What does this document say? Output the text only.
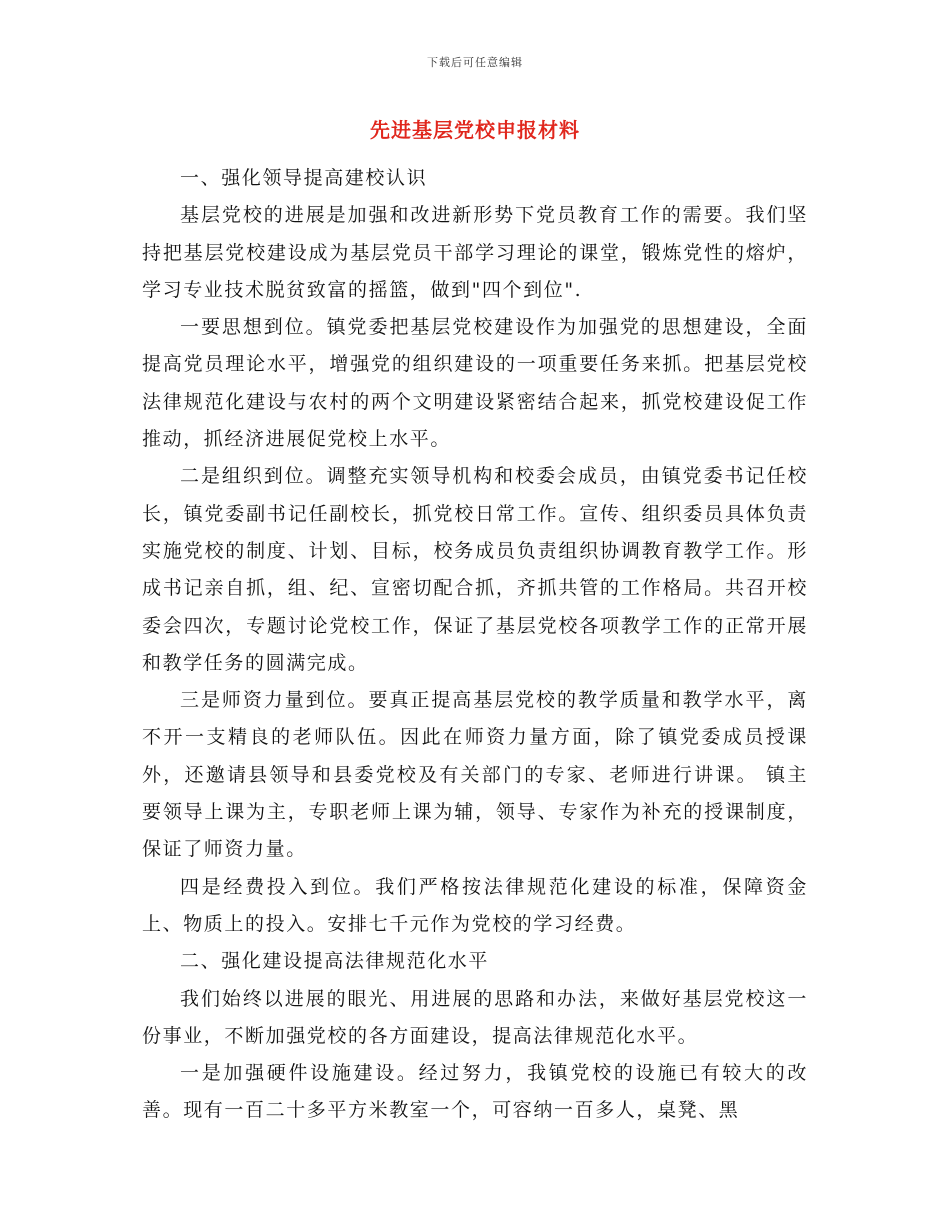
下载后可任意编辑
先进基层党校申报材料

一、强化领导提高建校认识

基层党校的进展是加强和改进新形势下党员教育工作的需要。我们坚持把基层党校建设成为基层党员干部学习理论的课堂，锻炼党性的熔炉，学习专业技术脱贫致富的摇篮，做到"四个到位".

一要思想到位。镇党委把基层党校建设作为加强党的思想建设，全面提高党员理论水平，增强党的组织建设的一项重要任务来抓。把基层党校法律规范化建设与农村的两个文明建设紧密结合起来，抓党校建设促工作推动，抓经济进展促党校上水平。

二是组织到位。调整充实领导机构和校委会成员，由镇党委书记任校长，镇党委副书记任副校长，抓党校日常工作。宣传、组织委员具体负责实施党校的制度、计划、目标，校务成员负责组织协调教育教学工作。形成书记亲自抓，组、纪、宣密切配合抓，齐抓共管的工作格局。共召开校委会四次，专题讨论党校工作，保证了基层党校各项教学工作的正常开展和教学任务的圆满完成。

三是师资力量到位。要真正提高基层党校的教学质量和教学水平，离不开一支精良的老师队伍。因此在师资力量方面，除了镇党委成员授课外，还邀请县领导和县委党校及有关部门的专家、老师进行讲课。 镇主要领导上课为主，专职老师上课为辅，领导、专家作为补充的授课制度，保证了师资力量。

四是经费投入到位。我们严格按法律规范化建设的标准，保障资金上、物质上的投入。安排七千元作为党校的学习经费。

二、强化建设提高法律规范化水平

我们始终以进展的眼光、用进展的思路和办法，来做好基层党校这一份事业，不断加强党校的各方面建设，提高法律规范化水平。

一是加强硬件设施建设。经过努力，我镇党校的设施已有较大的改善。现有一百二十多平方米教室一个，可容纳一百多人，桌凳、黑
